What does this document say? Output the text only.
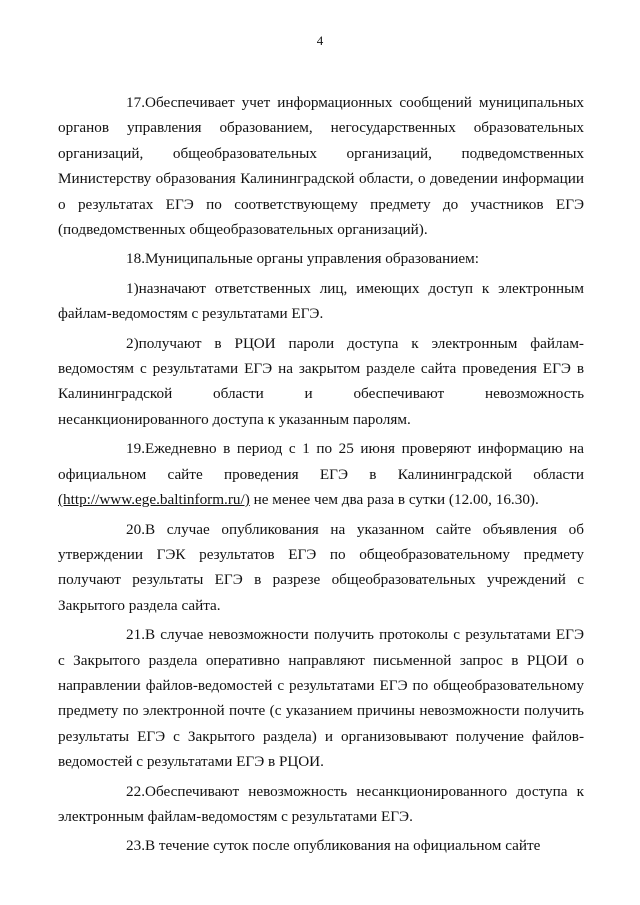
4

17.Обеспечивает учет информационных сообщений муниципальных органов управления образованием, негосударственных образовательных организаций, общеобразовательных организаций, подведомственных Министерству образования Калининградской области, о доведении информации о результатах ЕГЭ по соответствующему предмету до участников ЕГЭ (подведомственных общеобразовательных организаций).

18.Муниципальные органы управления образованием:

1)назначают ответственных лиц, имеющих доступ к электронным файлам-ведомостям с результатами ЕГЭ.

2)получают в РЦОИ пароли доступа к электронным файлам-ведомостям с результатами ЕГЭ на закрытом разделе сайта проведения ЕГЭ в Калининградской области и обеспечивают невозможность несанкционированного доступа к указанным паролям.

19.Ежедневно в период с 1 по 25 июня проверяют информацию на официальном сайте проведения ЕГЭ в Калининградской области (http://www.ege.baltinform.ru/) не менее чем два раза в сутки (12.00, 16.30).

20.В случае опубликования на указанном сайте объявления об утверждении ГЭК результатов ЕГЭ по общеобразовательному предмету получают результаты ЕГЭ в разрезе общеобразовательных учреждений с Закрытого раздела сайта.

21.В случае невозможности получить протоколы с результатами ЕГЭ с Закрытого раздела оперативно направляют письменной запрос в РЦОИ о направлении файлов-ведомостей с результатами ЕГЭ по общеобразовательному предмету по электронной почте (с указанием причины невозможности получить результаты ЕГЭ с Закрытого раздела) и организовывают получение файлов-ведомостей с результатами ЕГЭ в РЦОИ.

22.Обеспечивают невозможность несанкционированного доступа к электронным файлам-ведомостям с результатами ЕГЭ.

23.В течение суток после опубликования на официальном сайте
